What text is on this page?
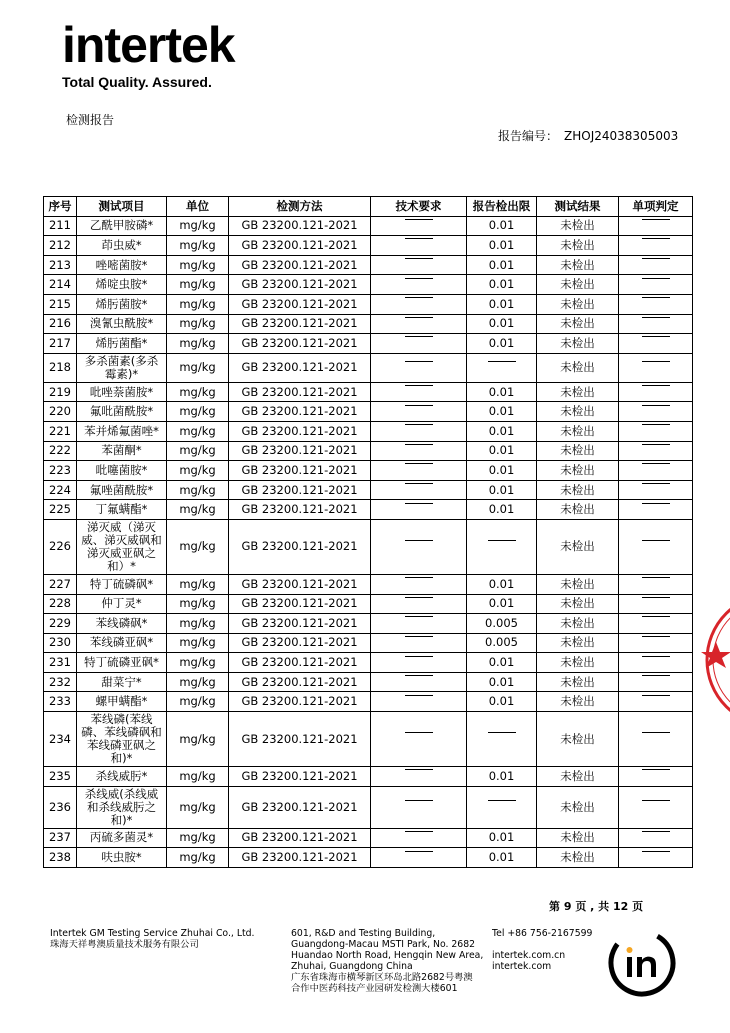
intertek
Total Quality. Assured.
检测报告
报告编号： ZHOJ24038305003
序号	测试项目	单位	检测方法	技术要求	报告检出限	测试结果	单项判定
211	乙酰甲胺磷*	mg/kg	GB 23200.121-2021		0.01	未检出	
212	茚虫威*	mg/kg	GB 23200.121-2021		0.01	未检出	
213	唑嘧菌胺*	mg/kg	GB 23200.121-2021		0.01	未检出	
214	烯啶虫胺*	mg/kg	GB 23200.121-2021		0.01	未检出	
215	烯肟菌胺*	mg/kg	GB 23200.121-2021		0.01	未检出	
216	溴氰虫酰胺*	mg/kg	GB 23200.121-2021		0.01	未检出	
217	烯肟菌酯*	mg/kg	GB 23200.121-2021		0.01	未检出	
218	多杀菌素(多杀霉素)*	mg/kg	GB 23200.121-2021			未检出	
219	吡唑萘菌胺*	mg/kg	GB 23200.121-2021		0.01	未检出	
220	氟吡菌酰胺*	mg/kg	GB 23200.121-2021		0.01	未检出	
221	苯并烯氟菌唑*	mg/kg	GB 23200.121-2021		0.01	未检出	
222	苯菌酮*	mg/kg	GB 23200.121-2021		0.01	未检出	
223	吡噻菌胺*	mg/kg	GB 23200.121-2021		0.01	未检出	
224	氟唑菌酰胺*	mg/kg	GB 23200.121-2021		0.01	未检出	
225	丁氟螨酯*	mg/kg	GB 23200.121-2021		0.01	未检出	
226	涕灭威（涕灭威、涕灭威砜和涕灭威亚砜之和）*	mg/kg	GB 23200.121-2021			未检出	
227	特丁硫磷砜*	mg/kg	GB 23200.121-2021		0.01	未检出	
228	仲丁灵*	mg/kg	GB 23200.121-2021		0.01	未检出	
229	苯线磷砜*	mg/kg	GB 23200.121-2021		0.005	未检出	
230	苯线磷亚砜*	mg/kg	GB 23200.121-2021		0.005	未检出	
231	特丁硫磷亚砜*	mg/kg	GB 23200.121-2021		0.01	未检出	
232	甜菜宁*	mg/kg	GB 23200.121-2021		0.01	未检出	
233	螺甲螨酯*	mg/kg	GB 23200.121-2021		0.01	未检出	
234	苯线磷(苯线磷、苯线磷砜和苯线磷亚砜之和)*	mg/kg	GB 23200.121-2021			未检出	
235	杀线威肟*	mg/kg	GB 23200.121-2021		0.01	未检出	
236	杀线威(杀线威和杀线威肟之和)*	mg/kg	GB 23200.121-2021			未检出	
237	丙硫多菌灵*	mg/kg	GB 23200.121-2021		0.01	未检出	
238	呋虫胺*	mg/kg	GB 23200.121-2021		0.01	未检出	
第 9 页 , 共 12 页
Intertek GM Testing Service Zhuhai Co., Ltd.
珠海天祥粤澳质量技术服务有限公司
601, R&D and Testing Building,
Guangdong-Macau MSTI Park, No. 2682
Huandao North Road, Hengqin New Area,
Zhuhai, Guangdong China
广东省珠海市横琴新区环岛北路2682号粤澳
合作中医药科技产业园研发检测大楼601
Tel +86 756-2167599
intertek.com.cn
intertek.com
